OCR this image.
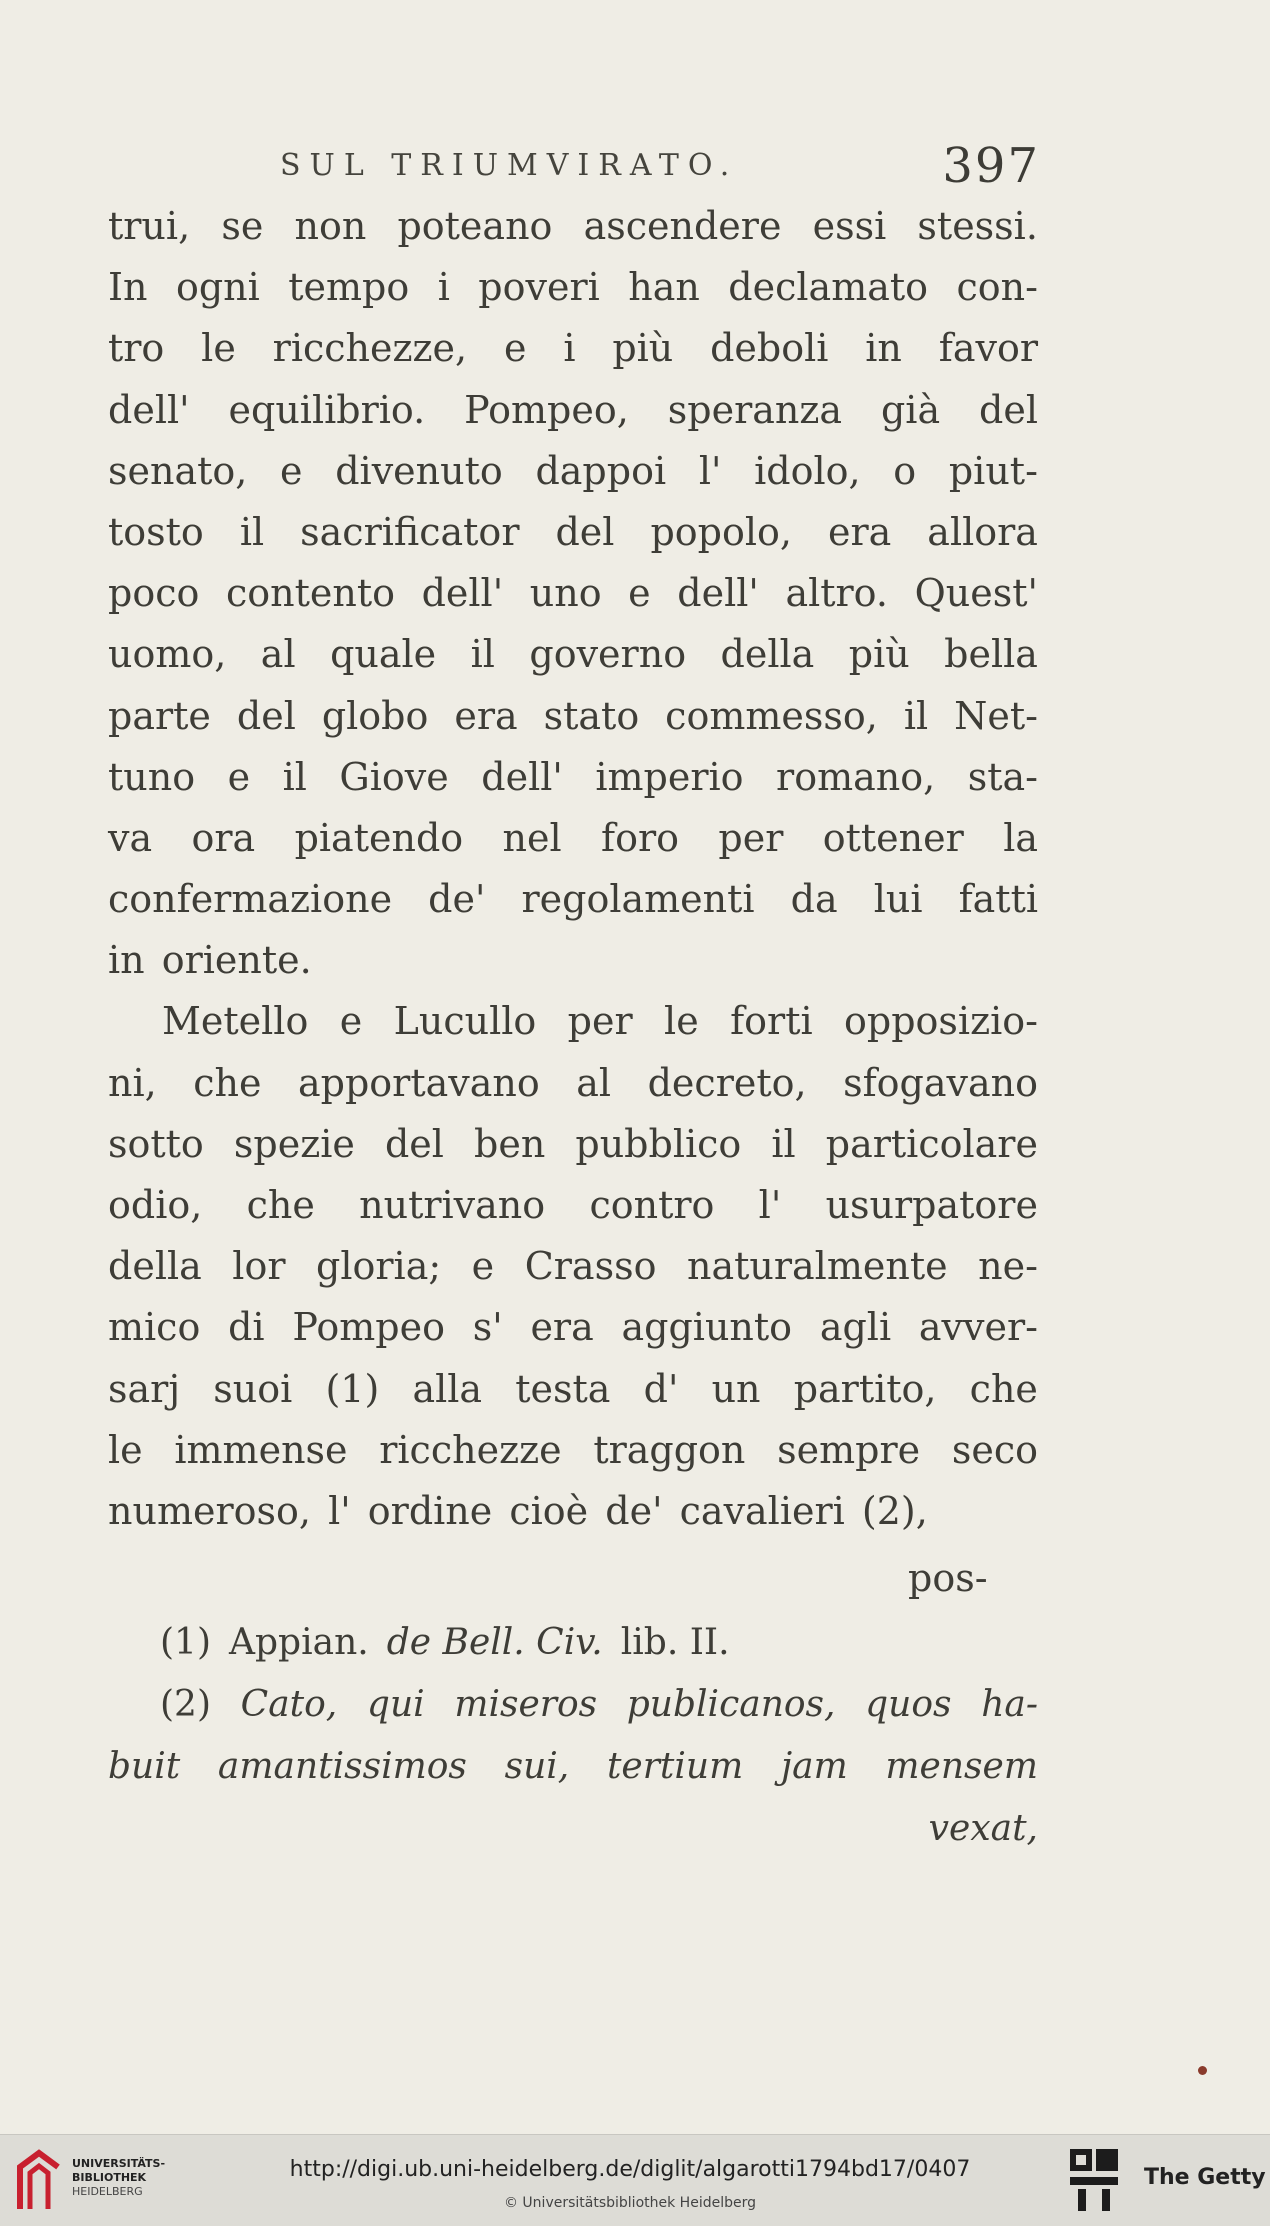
SUL TRIUMVIRATO.	397
trui, se non poteano ascendere essi stessi.
In ogni tempo i poveri han declamato con-
tro le ricchezze, e i più deboli in favor
dell' equilibrio. Pompeo, speranza già del
senato, e divenuto dappoi l' idolo, o piut-
tosto il sacrificator del popolo, era allora
poco contento dell' uno e dell' altro. Quest'
uomo, al quale il governo della più bella
parte del globo era stato commesso, il Net-
tuno e il Giove dell' imperio romano, sta-
va ora piatendo nel foro per ottener la
confermazione de' regolamenti da lui fatti
in oriente.
Metello e Lucullo per le forti opposizio-
ni, che apportavano al decreto, sfogavano
sotto spezie del ben pubblico il particolare
odio, che nutrivano contro l' usurpatore
della lor gloria; e Crasso naturalmente ne-
mico di Pompeo s' era aggiunto agli avver-
sarj suoi (1) alla testa d' un partito, che
le immense ricchezze traggon sempre seco
numeroso, l' ordine cioè de' cavalieri (2),
pos-
(1) Appian. de Bell. Civ. lib. II.
(2) Cato, qui miseros publicanos, quos ha-
buit amantissimos sui, tertium jam mensem
vexat,
UNIVERSITÄTS-
BIBLIOTHEK
HEIDELBERG
http://digi.ub.uni-heidelberg.de/diglit/algarotti1794bd17/0407
© Universitätsbibliothek Heidelberg
The Getty
